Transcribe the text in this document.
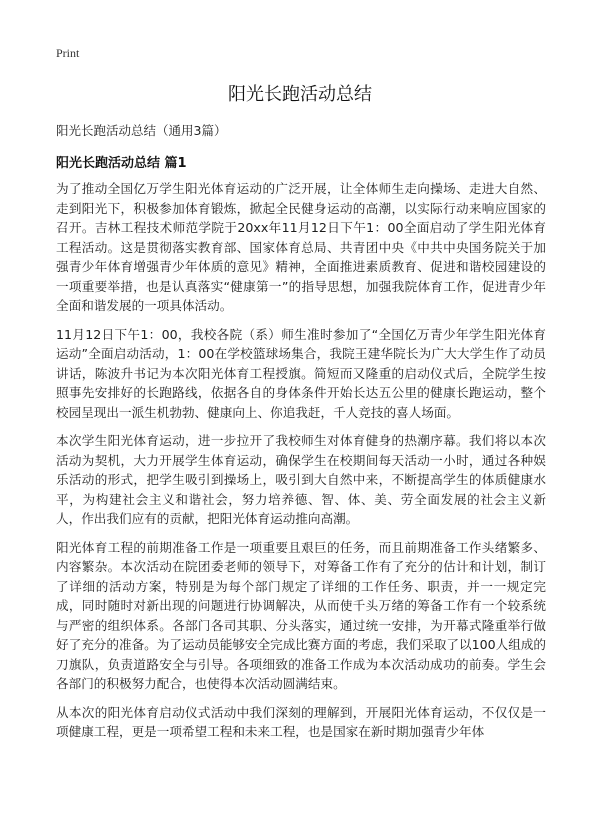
Print
阳光长跑活动总结

阳光长跑活动总结（通用3篇）

阳光长跑活动总结 篇1

为了推动全国亿万学生阳光体育运动的广泛开展，让全体师生走向操场、走进大自然、走到阳光下，积极参加体育锻炼，掀起全民健身运动的高潮，以实际行动来响应国家的召开。吉林工程技术师范学院于20xx年11月12日下午1：00全面启动了学生阳光体育工程活动。这是贯彻落实教育部、国家体育总局、共青团中央《中共中央国务院关于加强青少年体育增强青少年体质的意见》精神，全面推进素质教育、促进和谐校园建设的一项重要举措，也是认真落实“健康第一”的指导思想，加强我院体育工作，促进青少年全面和谐发展的一项具体活动。

11月12日下午1：00，我校各院（系）师生准时参加了“全国亿万青少年学生阳光体育运动”全面启动活动，1：00在学校篮球场集合，我院王建华院长为广大大学生作了动员讲话，陈波升书记为本次阳光体育工程授旗。简短而又隆重的启动仪式后，全院学生按照事先安排好的长跑路线，依据各自的身体条件开始长达五公里的健康长跑运动，整个校园呈现出一派生机勃勃、健康向上、你追我赶，千人竞技的喜人场面。

本次学生阳光体育运动，进一步拉开了我校师生对体育健身的热潮序幕。我们将以本次活动为契机，大力开展学生体育运动，确保学生在校期间每天活动一小时，通过各种娱乐活动的形式，把学生吸引到操场上，吸引到大自然中来，不断提高学生的体质健康水平，为构建社会主义和谐社会，努力培养德、智、体、美、劳全面发展的社会主义新人，作出我们应有的贡献，把阳光体育运动推向高潮。

阳光体育工程的前期准备工作是一项重要且艰巨的任务，而且前期准备工作头绪繁多、内容繁杂。本次活动在院团委老师的领导下，对筹备工作有了充分的估计和计划，制订了详细的活动方案，特别是为每个部门规定了详细的工作任务、职责，并一一规定完成，同时随时对新出现的问题进行协调解决，从而使千头万绪的筹备工作有一个较系统与严密的组织体系。各部门各司其职、分头落实，通过统一安排，为开幕式隆重举行做好了充分的准备。为了运动员能够安全完成比赛方面的考虑，我们采取了以100人组成的刀旗队，负责道路安全与引导。各项细致的准备工作成为本次活动成功的前奏。学生会各部门的积极努力配合，也使得本次活动圆满结束。

从本次的阳光体育启动仪式活动中我们深刻的理解到，开展阳光体育运动，不仅仅是一项健康工程，更是一项希望工程和未来工程，也是国家在新时期加强青少年体
